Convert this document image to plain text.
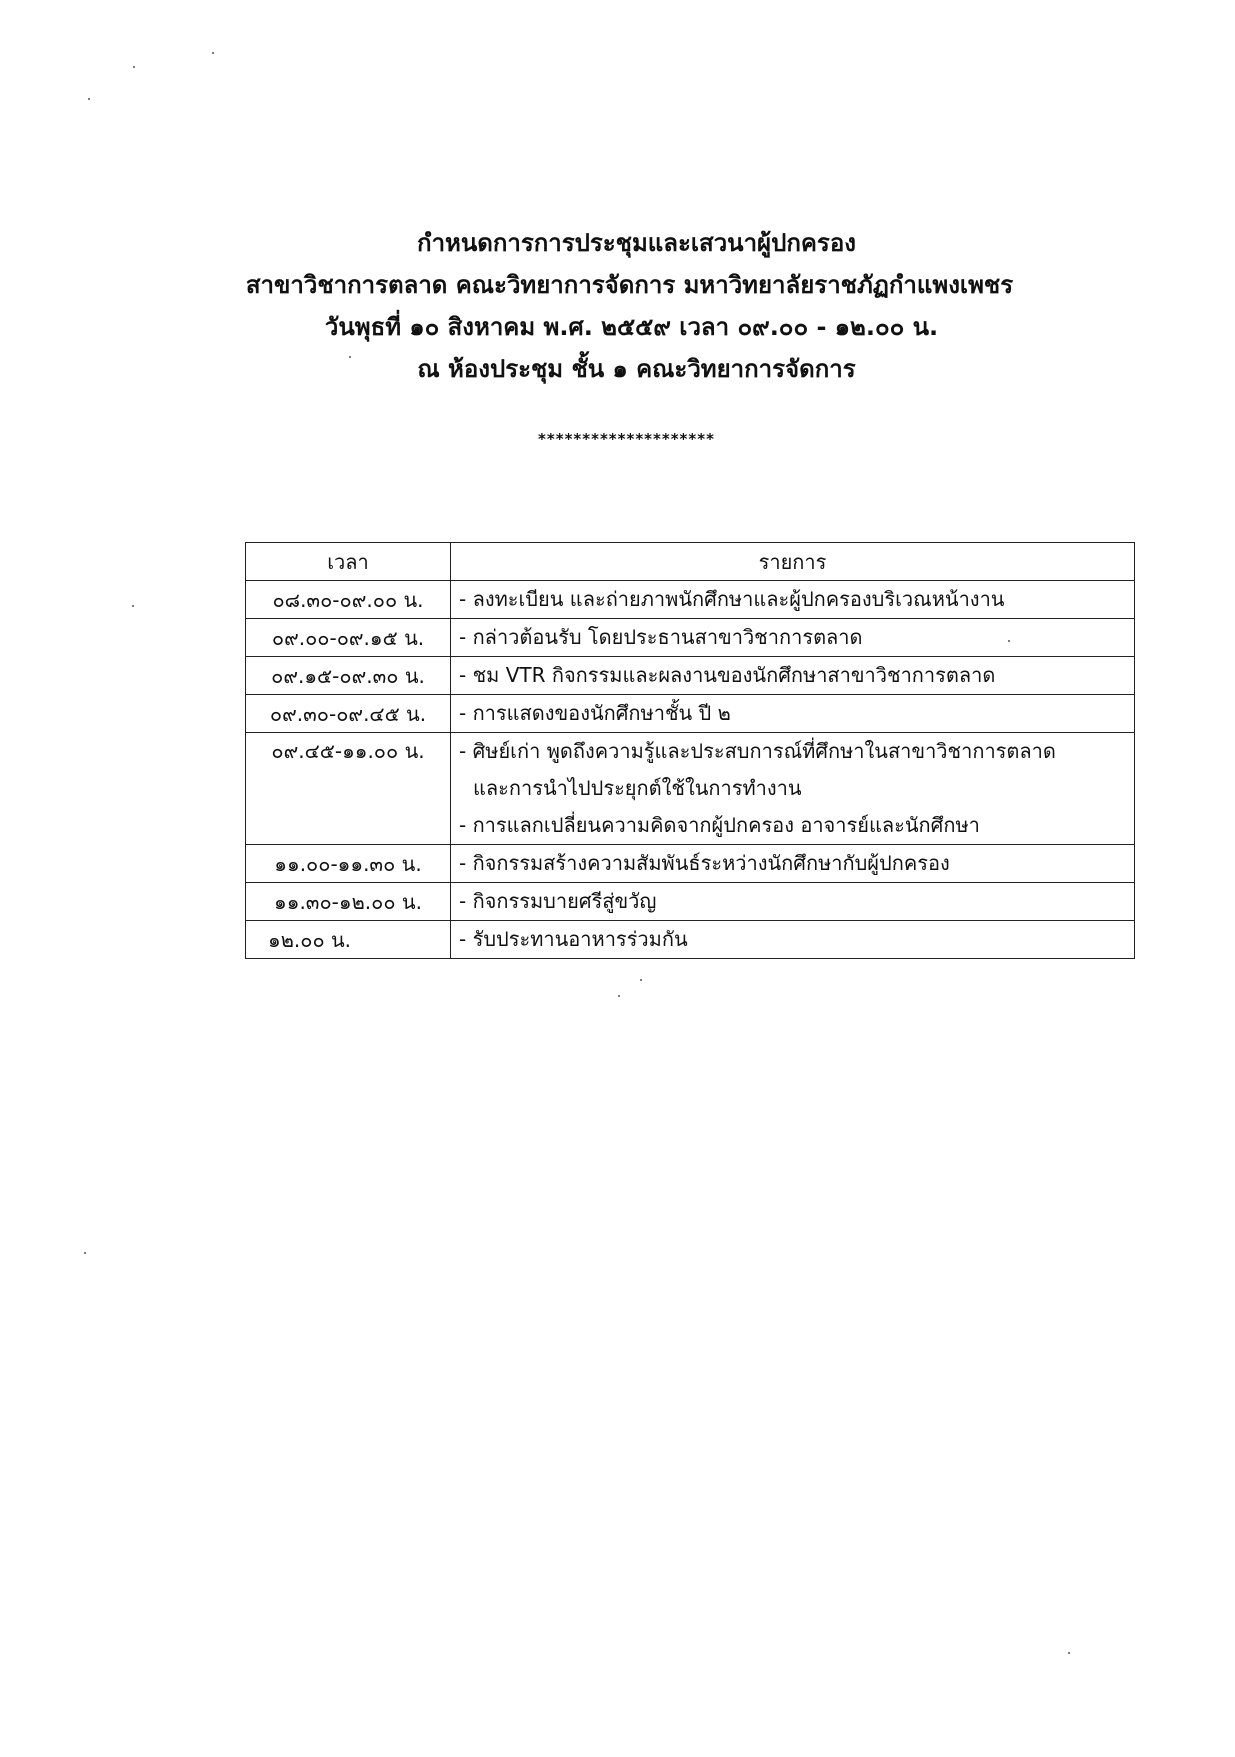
กำหนดการการประชุมและเสวนาผู้ปกครอง
สาขาวิชาการตลาด คณะวิทยาการจัดการ มหาวิทยาลัยราชภัฏกำแพงเพชร
วันพุธที่ ๑๐ สิงหาคม พ.ศ. ๒๕๕๙ เวลา ๐๙.๐๐ - ๑๒.๐๐ น.
ณ ห้องประชุม ชั้น ๑ คณะวิทยาการจัดการ
********************
เวลา	รายการ
๐๘.๓๐-๐๙.๐๐ น.	- ลงทะเบียน และถ่ายภาพนักศึกษาและผู้ปกครองบริเวณหน้างาน

๐๙.๐๐-๐๙.๑๕ น.	- กล่าวต้อนรับ โดยประธานสาขาวิชาการตลาด

๐๙.๑๕-๐๙.๓๐ น.	- ชม VTR กิจกรรมและผลงานของนักศึกษาสาขาวิชาการตลาด

๐๙.๓๐-๐๙.๔๕ น.	- การแสดงของนักศึกษาชั้น ปี ๒

๐๙.๔๕-๑๑.๐๐ น.	- ศิษย์เก่า พูดถึงความรู้และประสบการณ์ที่ศึกษาในสาขาวิชาการตลาด
และการนำไปประยุกต์ใช้ในการทำงาน
- การแลกเปลี่ยนความคิดจากผู้ปกครอง อาจารย์และนักศึกษา

๑๑.๐๐-๑๑.๓๐ น.	- กิจกรรมสร้างความสัมพันธ์ระหว่างนักศึกษากับผู้ปกครอง

๑๑.๓๐-๑๒.๐๐ น.	- กิจกรรมบายศรีสู่ขวัญ

๑๒.๐๐ น.	- รับประทานอาหารร่วมกัน
